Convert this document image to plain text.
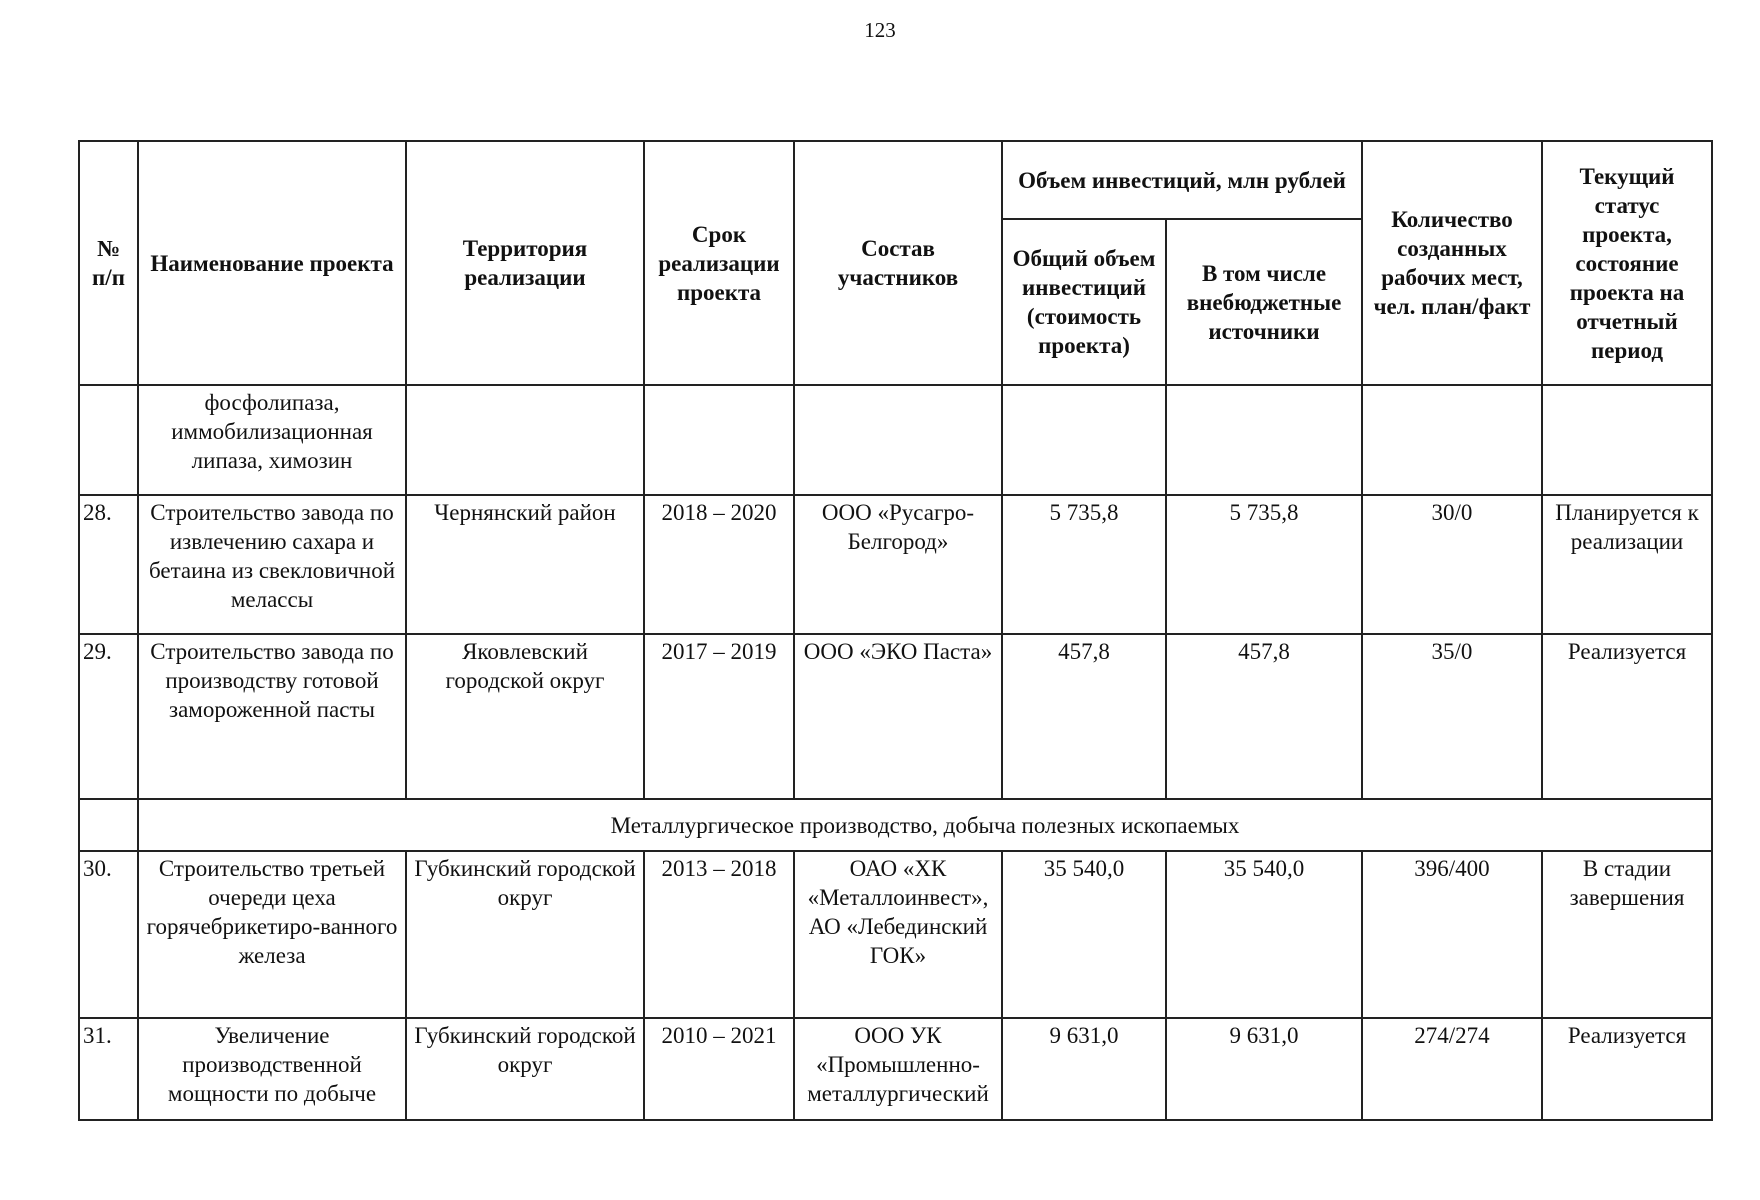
123
№ п/п	Наименование проекта	Территория реализации	Срок реализации проекта	Состав участников	Объем инвестиций, млн рублей		Количество созданных рабочих мест, чел. план/факт	Текущий статус проекта, состояние проекта на отчетный период
					Общий объем инвестиций (стоимость проекта)	В том числе внебюджетные источники		
	фосфолипаза, иммобилизационная липаза, химозин							
28.	Строительство завода по извлечению сахара и бетаина из свекловичной мелассы	Чернянский район	2018 – 2020	ООО «Русагро-Белгород»	5 735,8	5 735,8	30/0	Планируется к реализации
29.	Строительство завода по производству готовой замороженной пасты	Яковлевский городской округ	2017 – 2019	ООО «ЭКО Паста»	457,8	457,8	35/0	Реализуется
	Металлургическое производство, добыча полезных ископаемых							
30.	Строительство третьей очереди цеха горячебрикетиро-ванного железа	Губкинский городской округ	2013 – 2018	ОАО «ХК «Металлоинвест», АО «Лебединский ГОК»	35 540,0	35 540,0	396/400	В стадии завершения
31.	Увеличение производственной мощности по добыче	Губкинский городской округ	2010 – 2021	ООО УК «Промышленно-металлургический	9 631,0	9 631,0	274/274	Реализуется
